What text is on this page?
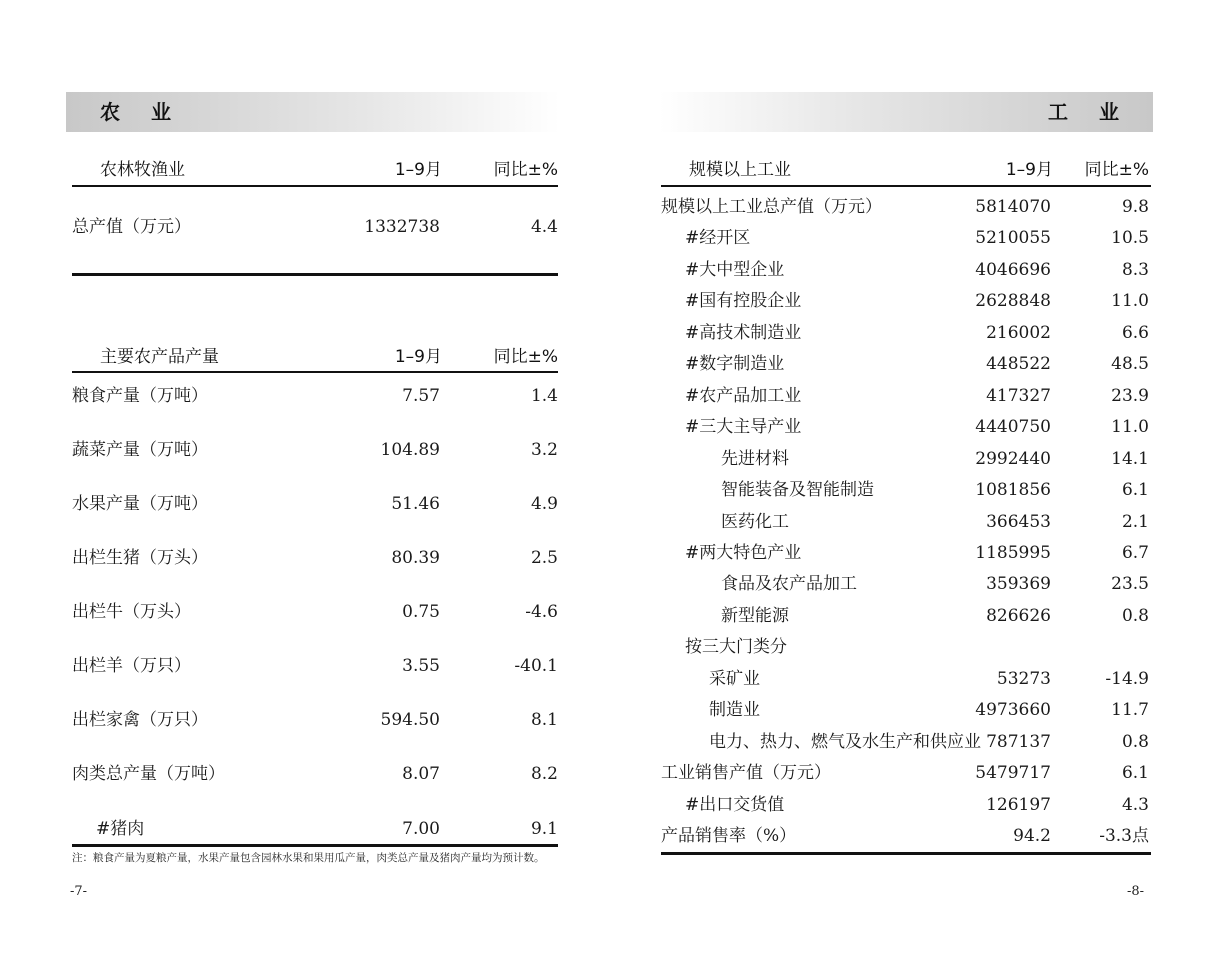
农 业
农林牧渔业	1–9月	同比±%
总产值（万元）	1332738	4.4
主要农产品产量	1–9月	同比±%
粮食产量（万吨）	7.57	1.4
蔬菜产量（万吨）	104.89	3.2
水果产量（万吨）	51.46	4.9
出栏生猪（万头）	80.39	2.5
出栏牛（万头）	0.75	-4.6
出栏羊（万只）	3.55	-40.1
出栏家禽（万只）	594.50	8.1
肉类总产量（万吨）	8.07	8.2
#猪肉	7.00	9.1
注：粮食产量为夏粮产量，水果产量包含园林水果和果用瓜产量，肉类总产量及猪肉产量均为预计数。
-7-
工 业
规模以上工业	1–9月 同比±%
规模以上工业总产值（万元）	5814070	9.8
#经开区	5210055	10.5
#大中型企业	4046696	8.3
#国有控股企业	2628848	11.0
#高技术制造业	216002	6.6
#数字制造业	448522	48.5
#农产品加工业	417327	23.9
#三大主导产业	4440750	11.0
先进材料	2992440	14.1
智能装备及智能制造	1081856	6.1
医药化工	366453	2.1
#两大特色产业	1185995	6.7
食品及农产品加工	359369	23.5
新型能源	826626	0.8
按三大门类分
采矿业	53273	-14.9
制造业	4973660	11.7
电力、热力、燃气及水生产和供应业 787137	0.8
工业销售产值（万元）	5479717	6.1
#出口交货值	126197	4.3
产品销售率（%）	94.2	-3.3点
-8-
